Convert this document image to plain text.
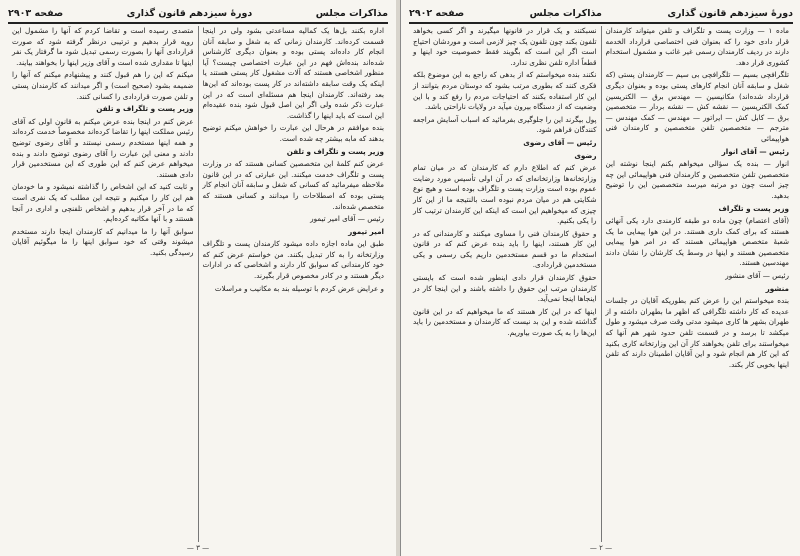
مذاکرات مجلس
دورهٔ سیزدهم قانون گذاری
صفحه ۲۹۰۳

اداره بکنند بل‌ها یک کمالیه مساعدتی بشود ولی در اینجا قسمت کرده‌اند. کارمندان زمانی که به شغل و سابقه آنان انجام کار داده‌اند پستی بوده و بعنوان دیگری کارشناس شده‌اند بنده‌اش فهم در این عبارت اختصاصی چیست؟ آیا منظور اشخاصی هستند که آلات مشغول کار پستی هستند یا اینکه یک وقت سابقه داشته‌اند در کار پست بوده‌اند که این‌ها بعد رفته‌اند. کارمندان اینجا هم مسئله‌ای است که در این عبارت ذکر شده ولی اگر این اصل قبول شود بنده عقیده‌ام این است که باید اینها را گذاشت.

بنده موافقم در هرحال این عبارت را خواهش میکنم توضیح بدهند که مابه بیشتر چه شده است.

وزیر پست و تلگراف و تلفن

عرض کنم کلمهٔ این متخصصین کسانی هستند که در وزارت پست و تلگراف خدمت میکنند. این عبارتی که در این قانون ملاحظه میفرمائید که کسانی که شغل و سابقه آنان انجام کار پستی بوده که اصطلاحات را میدانند و کسانی هستند که متخصص شده‌اند.

رئیس — آقای امیر تیمور

امیر تیمور

طبق این ماده اجازه داده میشود کارمندان پست و تلگراف وزارتخانه را به کار تبدیل بکنند. من خواستم عرض کنم که خود کارمندانی که سوابق کار دارند و اشخاصی که در ادارات دیگر هستند و در کادر مخصوص قرار بگیرند.

و عرایض عرض کردم با توسیله بند به مکانیب و مراسلات

متصدی رسیده است و تقاضا کردم که آنها را مشمول این رویه قرار بدهیم و ترتیبی درنظر گرفته شود که صورت قراردادی آنها را بصورت رسمی تبدیل شود ما گرفتار یک نفر اینها تا مقداری شده است و آقای وزیر اینها را بخواهند بیایند.

میکنم که این را هم قبول کنند و پیشنهادم میکنم که آنها را ضمیمه بشود (صحیح است) و اگر میدانند که کارمندان پستی و تلفن صورت قراردادی را کسانی کنند.

وزیر پست و تلگراف و تلفن

عرض کنم در اینجا بنده عرض میکنم به قانون اولی که آقای رئیس مملکت اینها را تقاضا کرده‌اند مخصوصاً خدمت کرده‌اند و همه اینها مستخدم رسمی نیستند و آقای رضوی توضیح دادند و معنی این عبارت را آقای رضوی توضیح دادند و بنده میخواهم عرض کنم که این طوری که این مستخدمین قرار دادی هستند.

و ثابت کنید که این اشخاص را گذاشته نمیشود و ما خودمان هم این کار را میکنیم و نتیجه این مطلب که یک نفری است که ما در آخر قرار بدهیم و اشخاص تلفنچی و اداری در آنجا هستند و با آنها مکاتبه کرده‌ایم.

سوابق آنها را ما میدانیم که کارمندان اینجا دارند مستخدم میشوند وقتی که خود سوابق اینها را ما میگوئیم آقایان رسیدگی بکنید.

— ۳ —
دورهٔ سیزدهم قانون گذاری
مذاکرات مجلس
صفحه ۲۹۰۲

ماده ۱ — وزارت پست و تلگراف و تلفن میتواند کارمندان قرار دادی خود را که بعنوان فنی اختصاصی قرارداد الخدمه دارند در ردیف کارمندان رسمی غیر غائب و مشمول استخدام کشوری قرار دهد.

تلگرافچی بسیم — تلگرافچی بی سیم — کارمندان پستی (که شغل و سابقه آنان انجام کارهای پستی بوده و بعنوان دیگری قرارداد شده‌اند) مکانیسین — مهندس برق — الکتریسین کمک الکتریسین — نقشه کش — نقشه بردار — متخصصین برق — کابل کش — ایراتور — مهندس — کمک مهندس — مترجم — متخصصین تلفن متخصصین و کارمندان فنی هواپیمائی

رئیس — آقای انوار

انوار — بنده یک سؤالی میخواهم بکنم اینجا نوشته این متخصصین تلفن متخصصین و کارمندان فنی هواپیمائی این چه چیز است چون دو مرتبه میرسد متخصصین این را توضیح بدهید.

وزیر پست و تلگراف

(آقای اعتصام) چون ماده دو طبقه کارمندی دارد یکی آنهائی هستند که برای کمک داری هستند. در این هوا پیمایی ما یک شعبهٔ متخصص هواپیمائی هستند که در امر هوا پیمایی متخصصین هستند و اینها در وسط یک کارشان را نشان دادند مهندسین هستند.

رئیس — آقای منشور

منشور

بنده میخواستم این را عرض کنم بطوریکه آقایان در جلسات عدیده که کار داشته تلگرافی که اظهر ما بطهران داشته و از طهران بشهر ها کاری میشود مدتی وقت صرف میشود و طول میکشد تا برسد و در قسمت تلفن حدود شهر هم آنها که میخواستند برای تلفن بخواهند کار آن این وزارتخانه کاری بکنید که این کار هم انجام شود و این آقایان اطمینان دارند که تلفن اینها بخوبی کار بکند.

نسبکتند و یک قرار در قانونها میگیرند و اگر کسی بخواهد تلفون بکند چون تلفون یک چیز لازمی است و موردشان احتیاج است اگر این است که بگویند فقط خصوصیت خود اینها و قطعاً اداره تلفن نظری ندارد.

نکنند بنده میخواستم که از بدهی که راجع به این موضوع بلکه فکری کنند که بطوری مرتب بشود که دوستان مردم بتوانند از این کار استفاده بکنند که احتیاجات مردم را رفع کند و با این وضعیت که از دستگاه بیرون میآید در ولایات ناراحتی باشد.

پول بیگرند این را جلوگیری بفرمائید که اسباب آسایش مراجعه کنندگان فراهم شود.

رئیس — آقای رضوی

رضوی

عرض کنم که اطلاع دارم که کارمندان که در میان تمام وزارتخانه‌ها وزارتخانه‌ای که در آن اولی تأسیس مورد رضایت عموم بوده است وزارت پست و تلگراف بوده است و هیچ نوع شکایتی هم در میان مردم نبوده است بالنتیجه ما از این کار چیزی که میخواهیم این است که اینکه این کارمندان ترتیب کار را یکی بکنیم.

و حقوق کارمندان فنی را مساوی میکنند و کارمندانی که در این کار هستند، اینها را باید بنده عرض کنم که در قانون استخدام ما دو قسم مستخدمین داریم یکی رسمی و یکی مستخدمین قراردادی.

حقوق کارمندان قرار دادی اینطور شده است که بایستی کارمندان مرتب این حقوق را داشته باشند و این اینجا کار در اینجاها اینجا نمی‌آید.

اینها که در این کار هستند که ما میخواهیم که در این قانون گذاشته شده و این بد نیست که کارمندان و مستخدمین را باید این‌ها را به یک صورت بیاوریم.

— ۲ —
